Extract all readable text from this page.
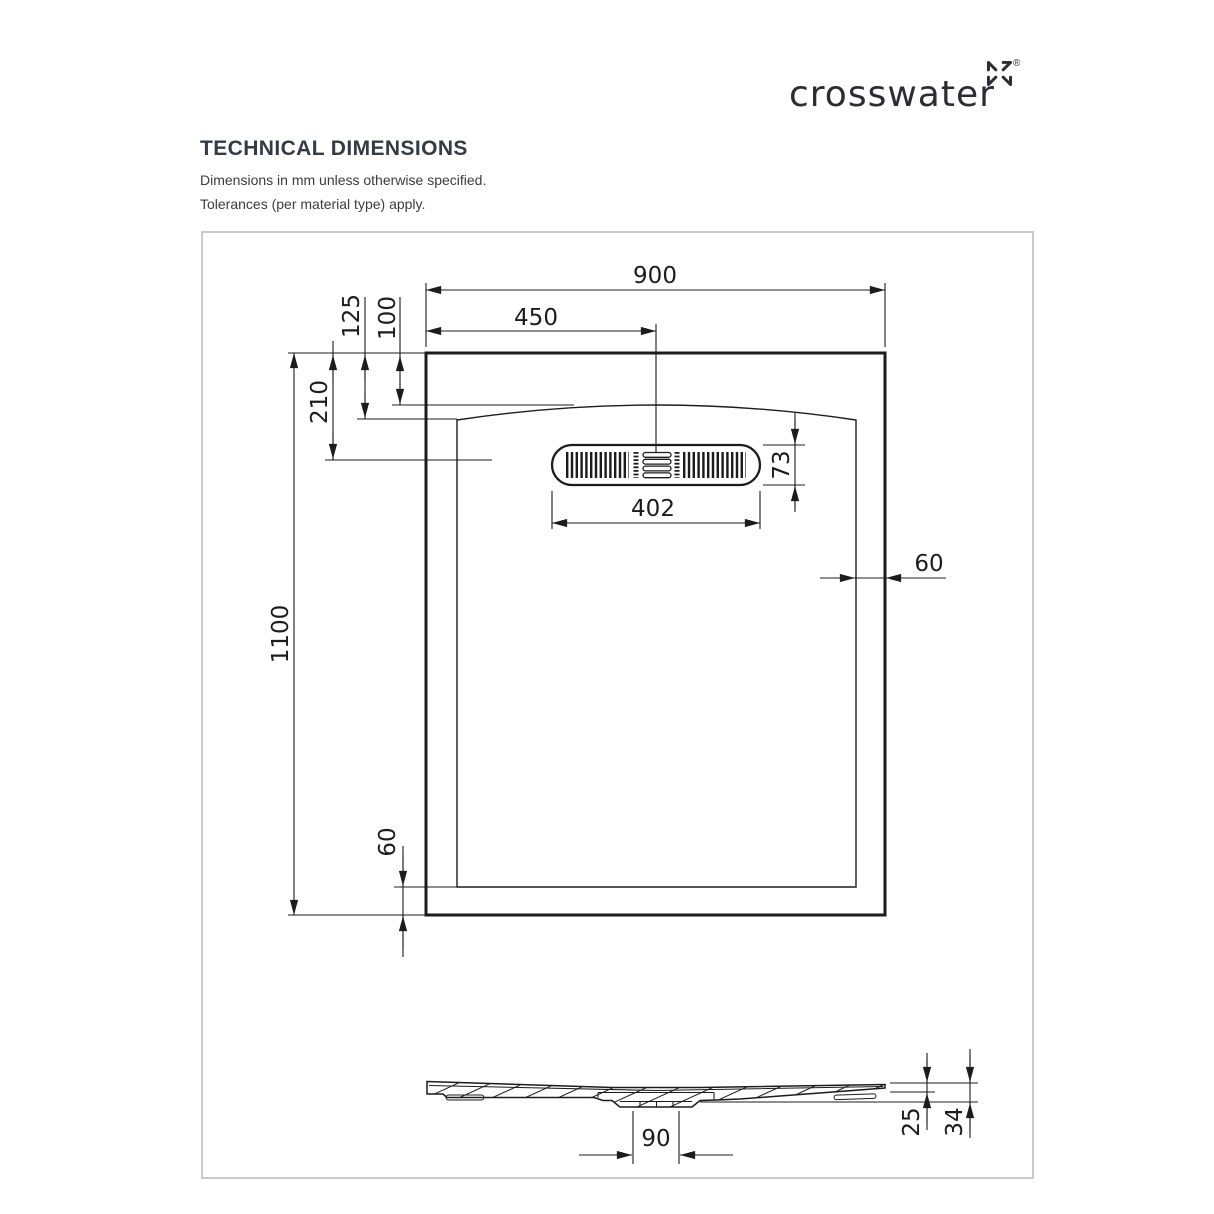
crosswater
®
TECHNICAL DIMENSIONS
Dimensions in mm unless otherwise specified.
Tolerances (per material type) apply.
900
450
125 100
210
1100
60
60
73
402
90
25 34
